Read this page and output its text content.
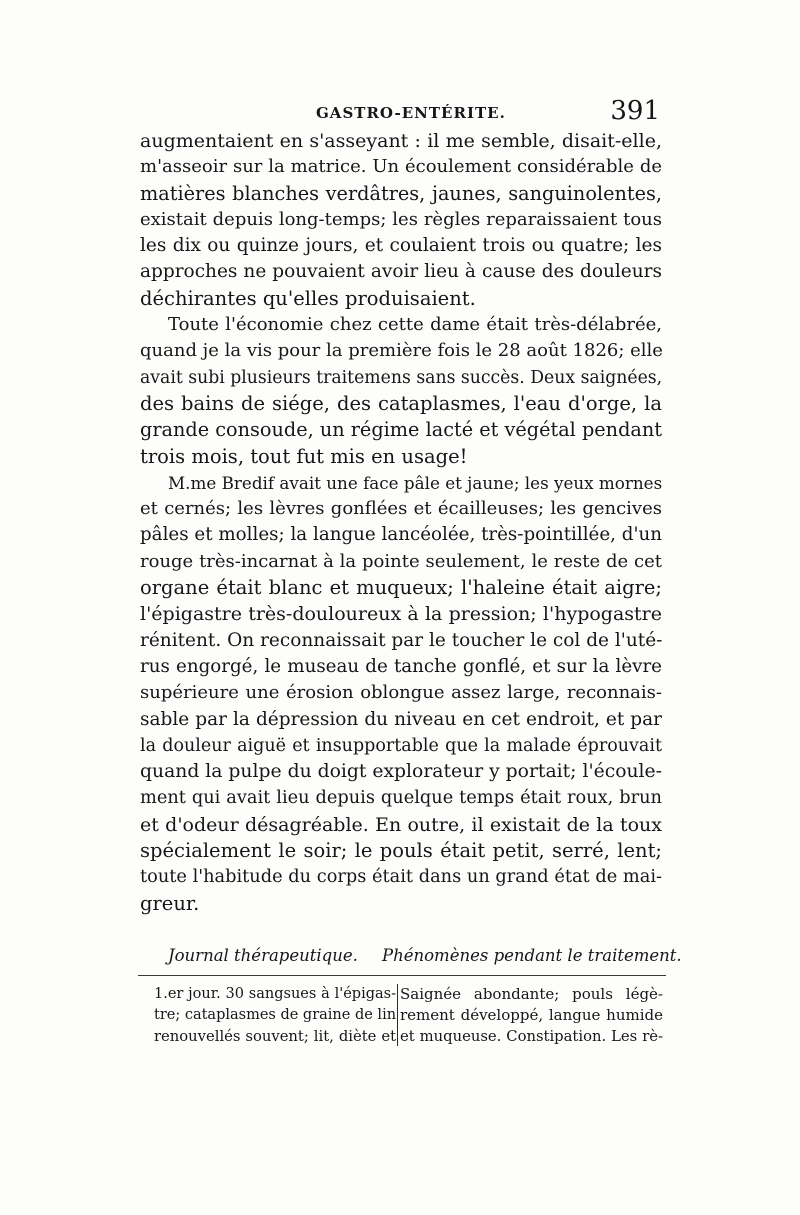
GASTRO-ENTÉRITE.	391
augmentaient en s'asseyant : il me semble, disait-elle,
m'asseoir sur la matrice. Un écoulement considérable de
matières blanches verdâtres, jaunes, sanguinolentes,
existait depuis long-temps; les règles reparaissaient tous
les dix ou quinze jours, et coulaient trois ou quatre; les
approches ne pouvaient avoir lieu à cause des douleurs
déchirantes qu'elles produisaient.
Toute l'économie chez cette dame était très-délabrée,
quand je la vis pour la première fois le 28 août 1826; elle
avait subi plusieurs traitemens sans succès. Deux saignées,
des bains de siége, des cataplasmes, l'eau d'orge, la
grande consoude, un régime lacté et végétal pendant
trois mois, tout fut mis en usage!
M.me Bredif avait une face pâle et jaune; les yeux mornes
et cernés; les lèvres gonflées et écailleuses; les gencives
pâles et molles; la langue lancéolée, très-pointillée, d'un
rouge très-incarnat à la pointe seulement, le reste de cet
organe était blanc et muqueux; l'haleine était aigre;
l'épigastre très-douloureux à la pression; l'hypogastre
rénitent. On reconnaissait par le toucher le col de l'uté-
rus engorgé, le museau de tanche gonflé, et sur la lèvre
supérieure une érosion oblongue assez large, reconnais-
sable par la dépression du niveau en cet endroit, et par
la douleur aiguë et insupportable que la malade éprouvait
quand la pulpe du doigt explorateur y portait; l'écoule-
ment qui avait lieu depuis quelque temps était roux, brun
et d'odeur désagréable. En outre, il existait de la toux
spécialement le soir; le pouls était petit, serré, lent;
toute l'habitude du corps était dans un grand état de mai-
greur.
Journal thérapeutique. Phénomènes pendant le traitement.
1.er jour. 30 sangsues à l'épigas-
tre; cataplasmes de graine de lin
renouvellés souvent; lit, diète et
Saignée abondante; pouls légè-
rement développé, langue humide
et muqueuse. Constipation. Les rè-
